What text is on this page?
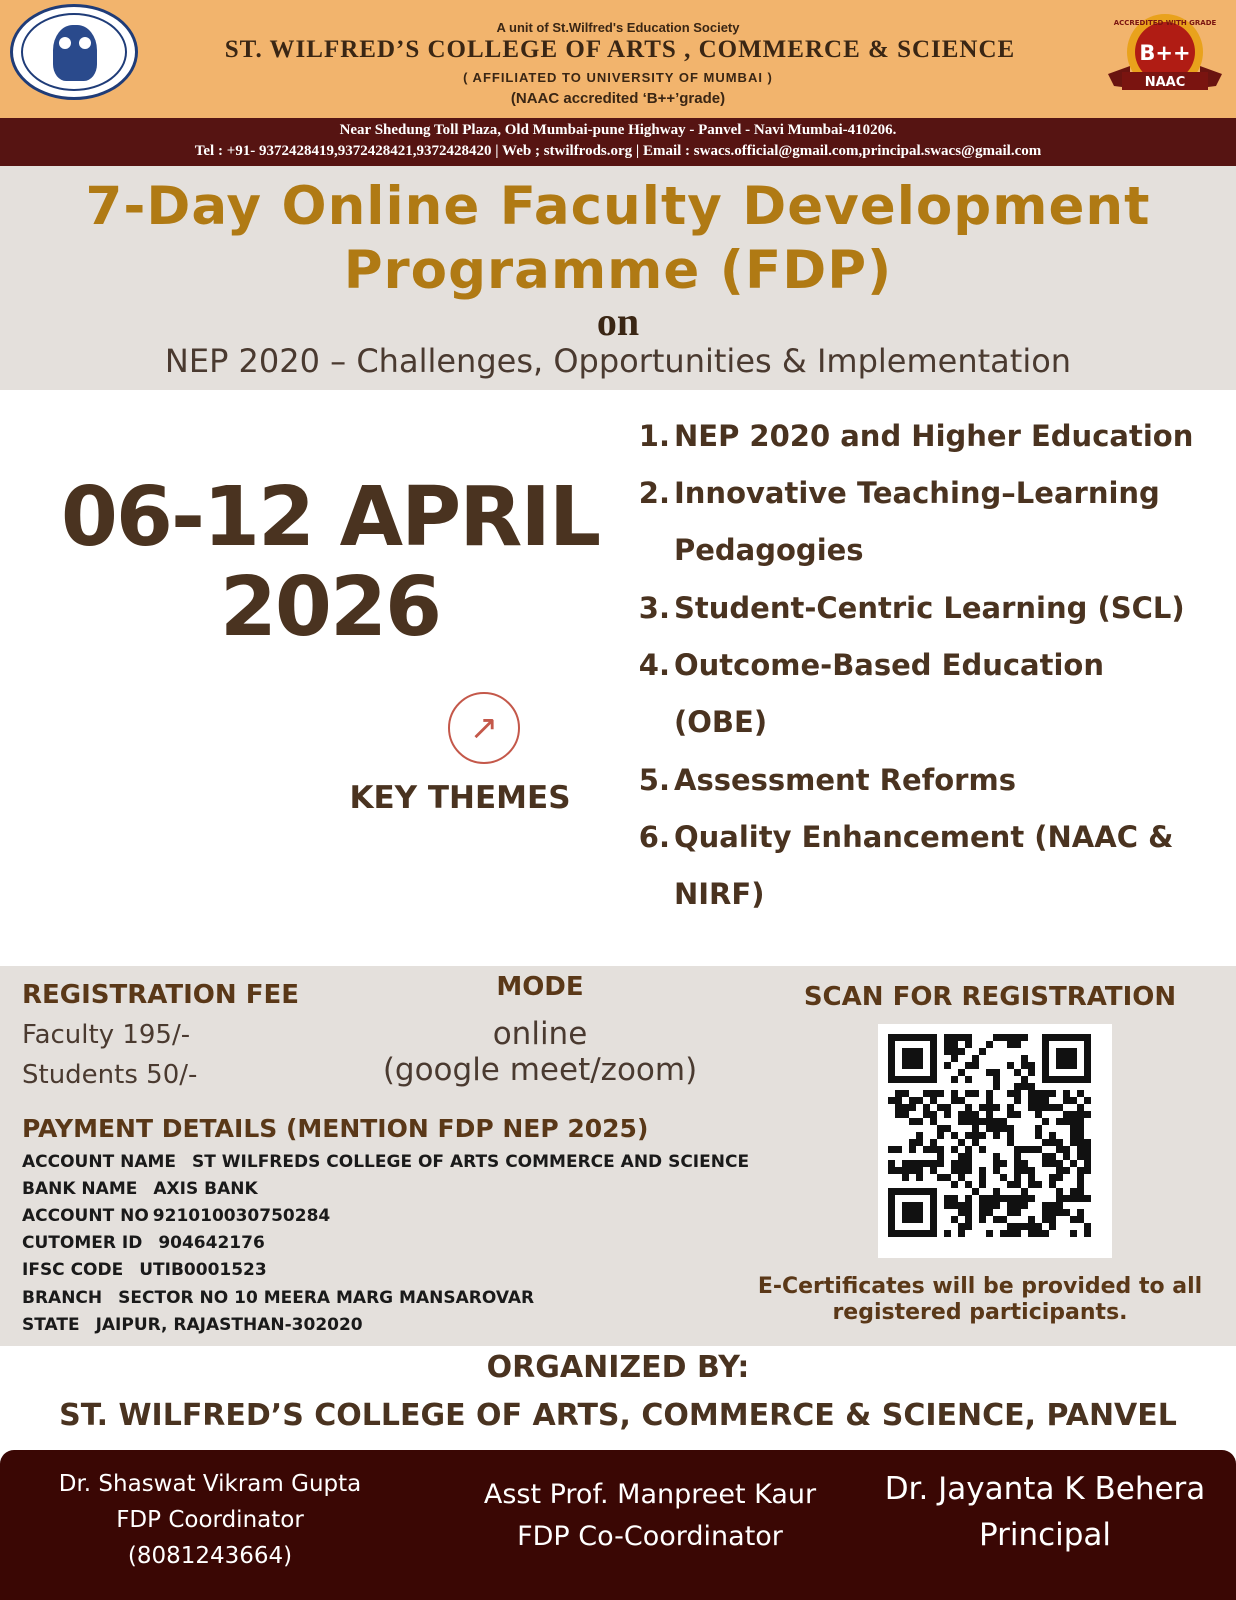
A unit of St.Wilfred's Education Society
ST. WILFRED’S COLLEGE OF ARTS , COMMERCE & SCIENCE
( AFFILIATED TO UNIVERSITY OF MUMBAI )
(NAAC accredited ‘B++’grade)
ACCREDITED WITH GRADE
B++
NAAC
Near Shedung Toll Plaza, Old Mumbai-pune Highway - Panvel - Navi Mumbai-410206.
Tel : +91- 9372428419,9372428421,9372428420 | Web ; stwilfrods.org | Email : swacs.official@gmail.com,principal.swacs@gmail.com
7-Day Online Faculty Development
Programme (FDP)
on
NEP 2020 – Challenges, Opportunities & Implementation
06-12 APRIL
2026
↗
KEY THEMES
1. NEP 2020 and Higher Education
2. Innovative Teaching–Learning Pedagogies
3. Student-Centric Learning (SCL)
4. Outcome-Based Education (OBE)
5. Assessment Reforms
6. Quality Enhancement (NAAC & NIRF)
REGISTRATION FEE
Faculty 195/-
Students 50/-
MODE
online
(google meet/zoom)
SCAN FOR REGISTRATION
PAYMENT DETAILS (MENTION FDP NEP 2025)
ACCOUNT NAME ST WILFREDS COLLEGE OF ARTS COMMERCE AND SCIENCE
BANK NAME AXIS BANK
ACCOUNT NO 921010030750284
CUTOMER ID 904642176
IFSC CODE UTIB0001523
BRANCH SECTOR NO 10 MEERA MARG MANSAROVAR
STATE JAIPUR, RAJASTHAN-302020
E-Certificates will be provided to all
registered participants.
ORGANIZED BY:
ST. WILFRED’S COLLEGE OF ARTS, COMMERCE & SCIENCE, PANVEL
Dr. Shaswat Vikram Gupta
FDP Coordinator
(8081243664)
Asst Prof. Manpreet Kaur
FDP Co-Coordinator
Dr. Jayanta K Behera
Principal
